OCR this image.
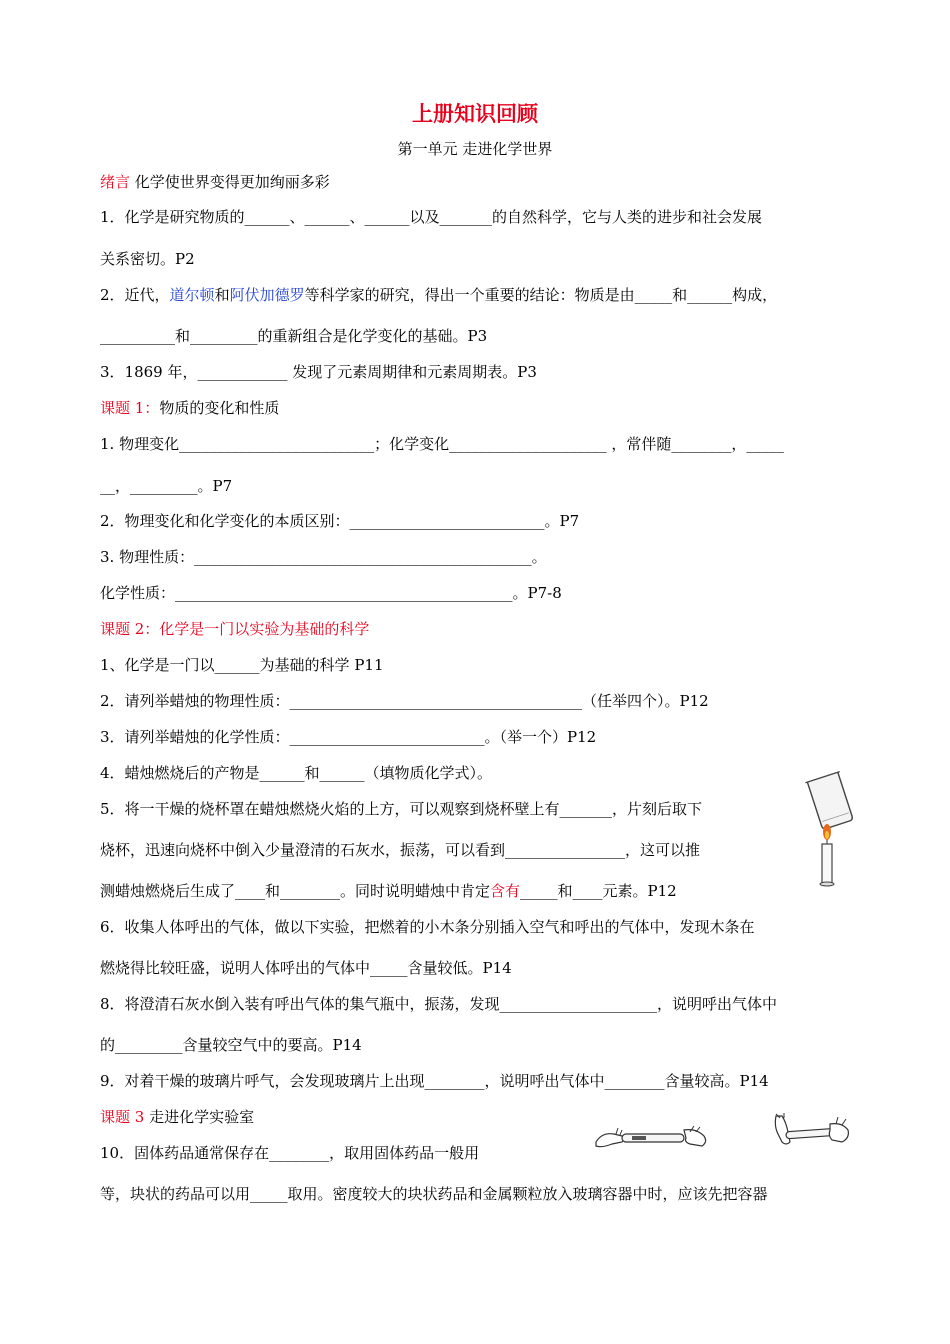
上册知识回顾
第一单元 走进化学世界
绪言 化学使世界变得更加绚丽多彩
1．化学是研究物质的______、______、______以及_______的自然科学，它与人类的进步和社会发展
关系密切。P2
2．近代，道尔顿和阿伏加德罗等科学家的研究，得出一个重要的结论：物质是由_____和______构成，
__________和_________的重新组合是化学变化的基础。P3
3．1869 年，____________ 发现了元素周期律和元素周期表。P3
课题 1：物质的变化和性质
1. 物理变化__________________________；化学变化_____________________ ，常伴随________，_____
__，_________。P7
2．物理变化和化学变化的本质区别：__________________________。P7
3. 物理性质：_____________________________________________。
化学性质：_____________________________________________。P7-8
课题 2：化学是一门以实验为基础的科学
1、化学是一门以______为基础的科学 P11
2．请列举蜡烛的物理性质：_______________________________________（任举四个）。P12
3．请列举蜡烛的化学性质：__________________________。（举一个）P12
4．蜡烛燃烧后的产物是______和______（填物质化学式）。
5．将一干燥的烧杯罩在蜡烛燃烧火焰的上方，可以观察到烧杯壁上有_______，片刻后取下
烧杯，迅速向烧杯中倒入少量澄清的石灰水，振荡，可以看到________________，这可以推
测蜡烛燃烧后生成了____和________。同时说明蜡烛中肯定含有_____和____元素。P12
6．收集人体呼出的气体，做以下实验，把燃着的小木条分别插入空气和呼出的气体中，发现木条在
燃烧得比较旺盛，说明人体呼出的气体中_____含量较低。P14
8．将澄清石灰水倒入装有呼出气体的集气瓶中，振荡，发现_____________________，说明呼出气体中
的_________含量较空气中的要高。P14
9．对着干燥的玻璃片呼气，会发现玻璃片上出现________，说明呼出气体中________含量较高。P14
课题 3 走进化学实验室
10．固体药品通常保存在________，取用固体药品一般用
等，块状的药品可以用_____取用。密度较大的块状药品和金属颗粒放入玻璃容器中时，应该先把容器
